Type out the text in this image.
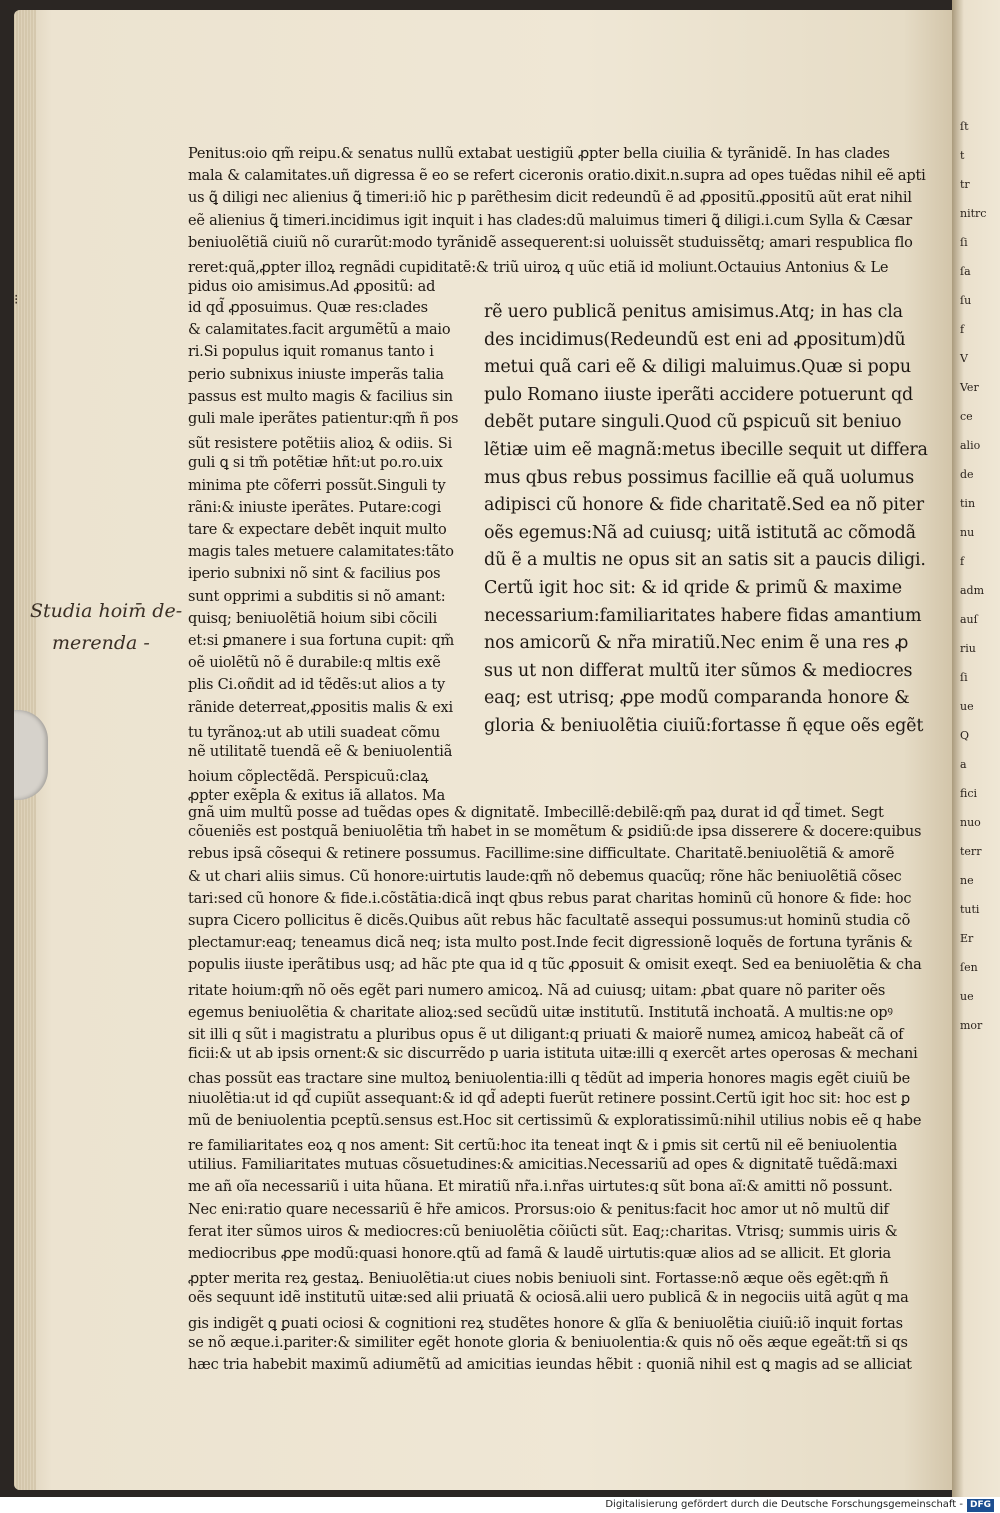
Penitus:oio qm̃ reipu.& senatus nullũ extabat uestigiũ ꝓpter bella ciuilia & tyrãnidẽ. In has clades
mala & calamitates.uñ digressa ẽ eo se refert ciceronis oratio.dixit.n.supra ad opes tuẽdas nihil eẽ apti
us ꝗ̃ diligi nec alienius ꝗ̃ timeri:iõ hic p parẽthesim dicit redeundũ ẽ ad ꝓpositũ.ꝓpositũ aũt erat nihil
eẽ alienius ꝗ̃ timeri.incidimus igit inquit i has clades:dũ maluimus timeri ꝗ̃ diligi.i.cum Sylla & Cæsar
beniuolẽtiã ciuiũ nõ curarũt:modo tyrãnidẽ assequerent:si uoluissẽt studuissẽtq; amari respublica flo
reret:quã,ꝓpter illoꝝ regnãdi cupiditatẽ:& triũ uiroꝝ q uũc etiã id moliunt.Octauius Antonius & Le
pidus oio amisimus.Ad ꝓpositũ: ad
id qd̃ ꝓposuimus. Quæ res:clades
& calamitates.facit argumẽtũ a maio
ri.Si populus iquit romanus tanto i
perio subnixus iniuste imperãs talia
passus est multo magis & facilius sin
guli male iperãtes patientur:qm̃ ñ pos
sũt resistere potẽtiis alioꝝ & odiis. Si
guli ꝗ si tm̃ potẽtiæ hñt:ut po.ro.uix
minima pte cõferri possũt.Singuli ty
rãni:& iniuste iperãtes. Putare:cogi
tare & expectare debẽt inquit multo
magis tales metuere calamitates:tãto
iperio subnixi nõ sint & facilius pos
sunt opprimi a subditis si nõ amant:
quisq; beniuolẽtiã hoium sibi cõcili
et:si ꝑmanere i sua fortuna cupit: qm̃
oẽ uiolẽtũ nõ ẽ durabile:q mltis exẽ
plis Ci.oñdit ad id tẽdẽs:ut alios a ty
rãnide deterreat,ꝓpositis malis & exi
tu tyrãnoꝝ:ut ab utili suadeat cõmu
nẽ utilitatẽ tuendã eẽ & beniuolentiã
hoium cõplectẽdã. Perspicuũ:claꝝ
ꝓpter exẽpla & exitus iã allatos. Ma
rẽ uero publicã penitus amisimus.Atq; in has cla
des incidimus(Redeundũ est eni ad ꝓpositum)dũ
metui quã cari eẽ & diligi maluimus.Quæ si popu
pulo Romano iiuste iperãti accidere potuerunt qd
debẽt putare singuli.Quod cũ ꝑspicuũ sit beniuo
lẽtiæ uim eẽ magnã:metus ibecille sequit ut differa
mus qbus rebus possimus facillie eã quã uolumus
adipisci cũ honore & fide charitatẽ.Sed ea nõ piter
oẽs egemus:Nã ad cuiusq; uitã istitutã ac cõmodã
dũ ẽ a multis ne opus sit an satis sit a paucis diligi.
Certũ igit hoc sit: & id qride & primũ & maxime
necessarium:familiaritates habere fidas amantium
nos amicorũ & nr̃a miratiũ.Nec enim ẽ una res ꝓ
sus ut non differat multũ iter sũmos & mediocres
eaq; est utrisq; ꝓpe modũ comparanda honore &
gloria & beniuolẽtia ciuiũ:fortasse ñ ęque oẽs egẽt
gnã uim multũ posse ad tuẽdas opes & dignitatẽ. Imbecillẽ:debilẽ:qm̃ paꝝ durat id qd̃ timet. Segt
cõueniẽs est postquã beniuolẽtia tm̃ habet in se momẽtum & ꝑsidiũ:de ipsa disserere & docere:quibus
rebus ipsã cõsequi & retinere possumus. Facillime:sine difficultate. Charitatẽ.beniuolẽtiã & amorẽ
& ut chari aliis simus. Cũ honore:uirtutis laude:qm̃ nõ debemus quacũq; rõne hãc beniuolẽtiã cõsec
tari:sed cũ honore & fide.i.cõstãtia:dicã inqt qbus rebus parat charitas hominũ cũ honore & fide: hoc
supra Cicero pollicitus ẽ dicẽs.Quibus aũt rebus hãc facultatẽ assequi possumus:ut hominũ studia cõ
plectamur:eaq; teneamus dicã neq; ista multo post.Inde fecit digressionẽ loquẽs de fortuna tyrãnis &
populis iiuste iperãtibus usq; ad hãc pte qua id q tũc ꝓposuit & omisit exeqt. Sed ea beniuolẽtia & cha
ritate hoium:qm̃ nõ oẽs egẽt pari numero amicoꝝ. Nã ad cuiusq; uitam: ꝓbat quare nõ pariter oẽs
egemus beniuolẽtia & charitate alioꝝ:sed secũdũ uitæ institutũ. Institutã inchoatã. A multis:ne opꝰ
sit illi q sũt i magistratu a pluribus opus ẽ ut diligant:q priuati & maiorẽ numeꝝ amicoꝝ habeãt cã of
ficii:& ut ab ipsis ornent:& sic discurrẽdo p uaria istituta uitæ:illi q exercẽt artes operosas & mechani
chas possũt eas tractare sine multoꝝ beniuolentia:illi q tẽdũt ad imperia honores magis egẽt ciuiũ be
niuolẽtia:ut id qd̃ cupiũt assequant:& id qd̃ adepti fuerũt retinere possint.Certũ igit hoc sit: hoc est ꝑ
mũ de beniuolentia pceptũ.sensus est.Hoc sit certissimũ & exploratissimũ:nihil utilius nobis eẽ q habe
re familiaritates eoꝝ q nos ament: Sit certũ:hoc ita teneat inqt & i ꝑmis sit certũ nil eẽ beniuolentia
utilius. Familiaritates mutuas cõsuetudines:& amicitias.Necessariũ ad opes & dignitatẽ tuẽdã:maxi
me añ oĩa necessariũ i uita hũana. Et miratiũ nr̃a.i.nr̃as uirtutes:q sũt bona aĩ:& amitti nõ possunt.
Nec eni:ratio quare necessariũ ẽ hr̃e amicos. Prorsus:oio & penitus:facit hoc amor ut nõ multũ dif
ferat iter sũmos uiros & mediocres:cũ beniuolẽtia cõiũcti sũt. Eaq;:charitas. Vtrisq; summis uiris &
mediocribus ꝓpe modũ:quasi honore.qtũ ad famã & laudẽ uirtutis:quæ alios ad se allicit. Et gloria
ꝓpter merita reꝝ gestaꝝ. Beniuolẽtia:ut ciues nobis beniuoli sint. Fortasse:nõ æque oẽs egẽt:qm̃ ñ
oẽs sequunt idẽ institutũ uitæ:sed alii priuatã & ociosã.alii uero publicã & in negociis uitã agũt q ma
gis indigẽt ꝗ ꝑuati ociosi & cognitioni reꝝ studẽtes honore & glĩa & beniuolẽtia ciuiũ:iõ inquit fortas
se nõ æque.i.pariter:& similiter egẽt honote gloria & beniuolentia:& quis nõ oẽs æque egeãt:tñ si qs
hæc tria habebit maximũ adiumẽtũ ad amicitias ieundas hẽbit : quoniã nihil est ꝗ magis ad se alliciat
Studia hoim̄ de-
merenda -
⁝
ſt
t
tr
nitrc
ſi
ſa
ſu
f
V
Ver
ce
alio
de
tin
nu
f
adm
auſ
riu
ſi
ue
Q
a
fici
nuo
terr
ne
tuti
Er
ſen
ue
mor
Digitalisierung gefördert durch die Deutsche Forschungsgemeinschaft - DFG
